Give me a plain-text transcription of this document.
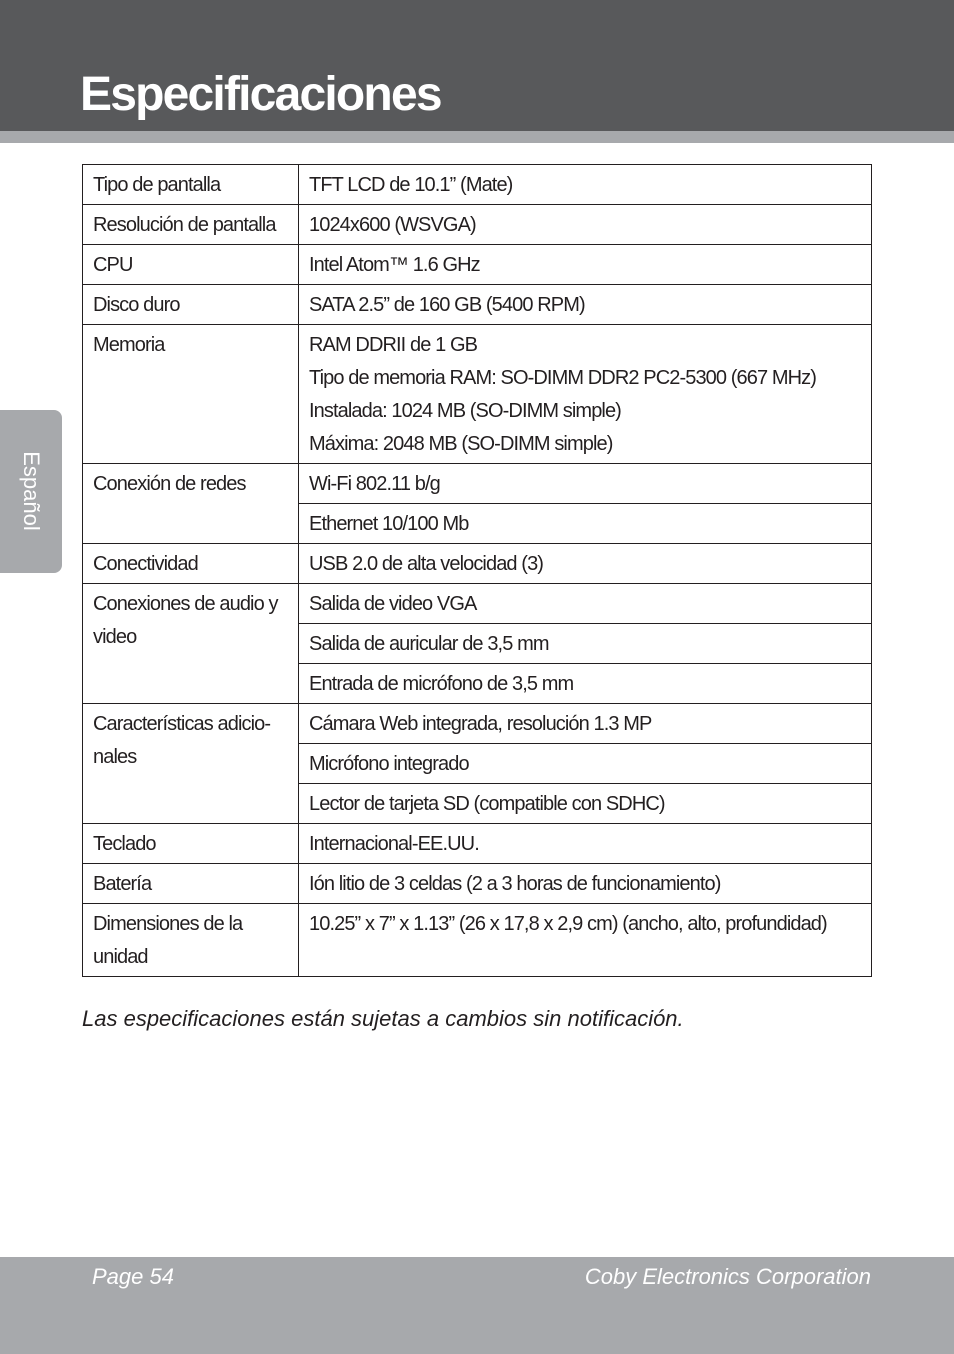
Especificaciones
Español
Tipo de pantalla	TFT LCD de 10.1” (Mate)
Resolución de pantalla	1024x600 (WSVGA)
CPU	Intel Atom™ 1.6 GHz
Disco duro	SATA 2.5” de 160 GB (5400 RPM)
Memoria	RAM DDRII de 1 GB
Tipo de memoria RAM: SO-DIMM DDR2 PC2-5300 (667 MHz)
Instalada: 1024 MB (SO-DIMM simple)
Máxima: 2048 MB (SO-DIMM simple)

Conexión de redes	Wi-Fi 802.11 b/g
	Ethernet 10/100 Mb
Conectividad	USB 2.0 de alta velocidad (3)
Conexiones de audio y video	Salida de video VGA
	Salida de auricular de 3,5 mm
	Entrada de micrófono de 3,5 mm
Características adicio-nales	Cámara Web integrada, resolución 1.3 MP
	Micrófono integrado
	Lector de tarjeta SD (compatible con SDHC)
Teclado	Internacional-EE.UU.
Batería	Ión litio de 3 celdas (2 a 3 horas de funcionamiento)
Dimensiones de la unidad	10.25” x 7” x 1.13” (26 x 17,8 x 2,9 cm) (ancho, alto, profundidad)
Las especificaciones están sujetas a cambios sin notificación.
Page 54	Coby Electronics Corporation
